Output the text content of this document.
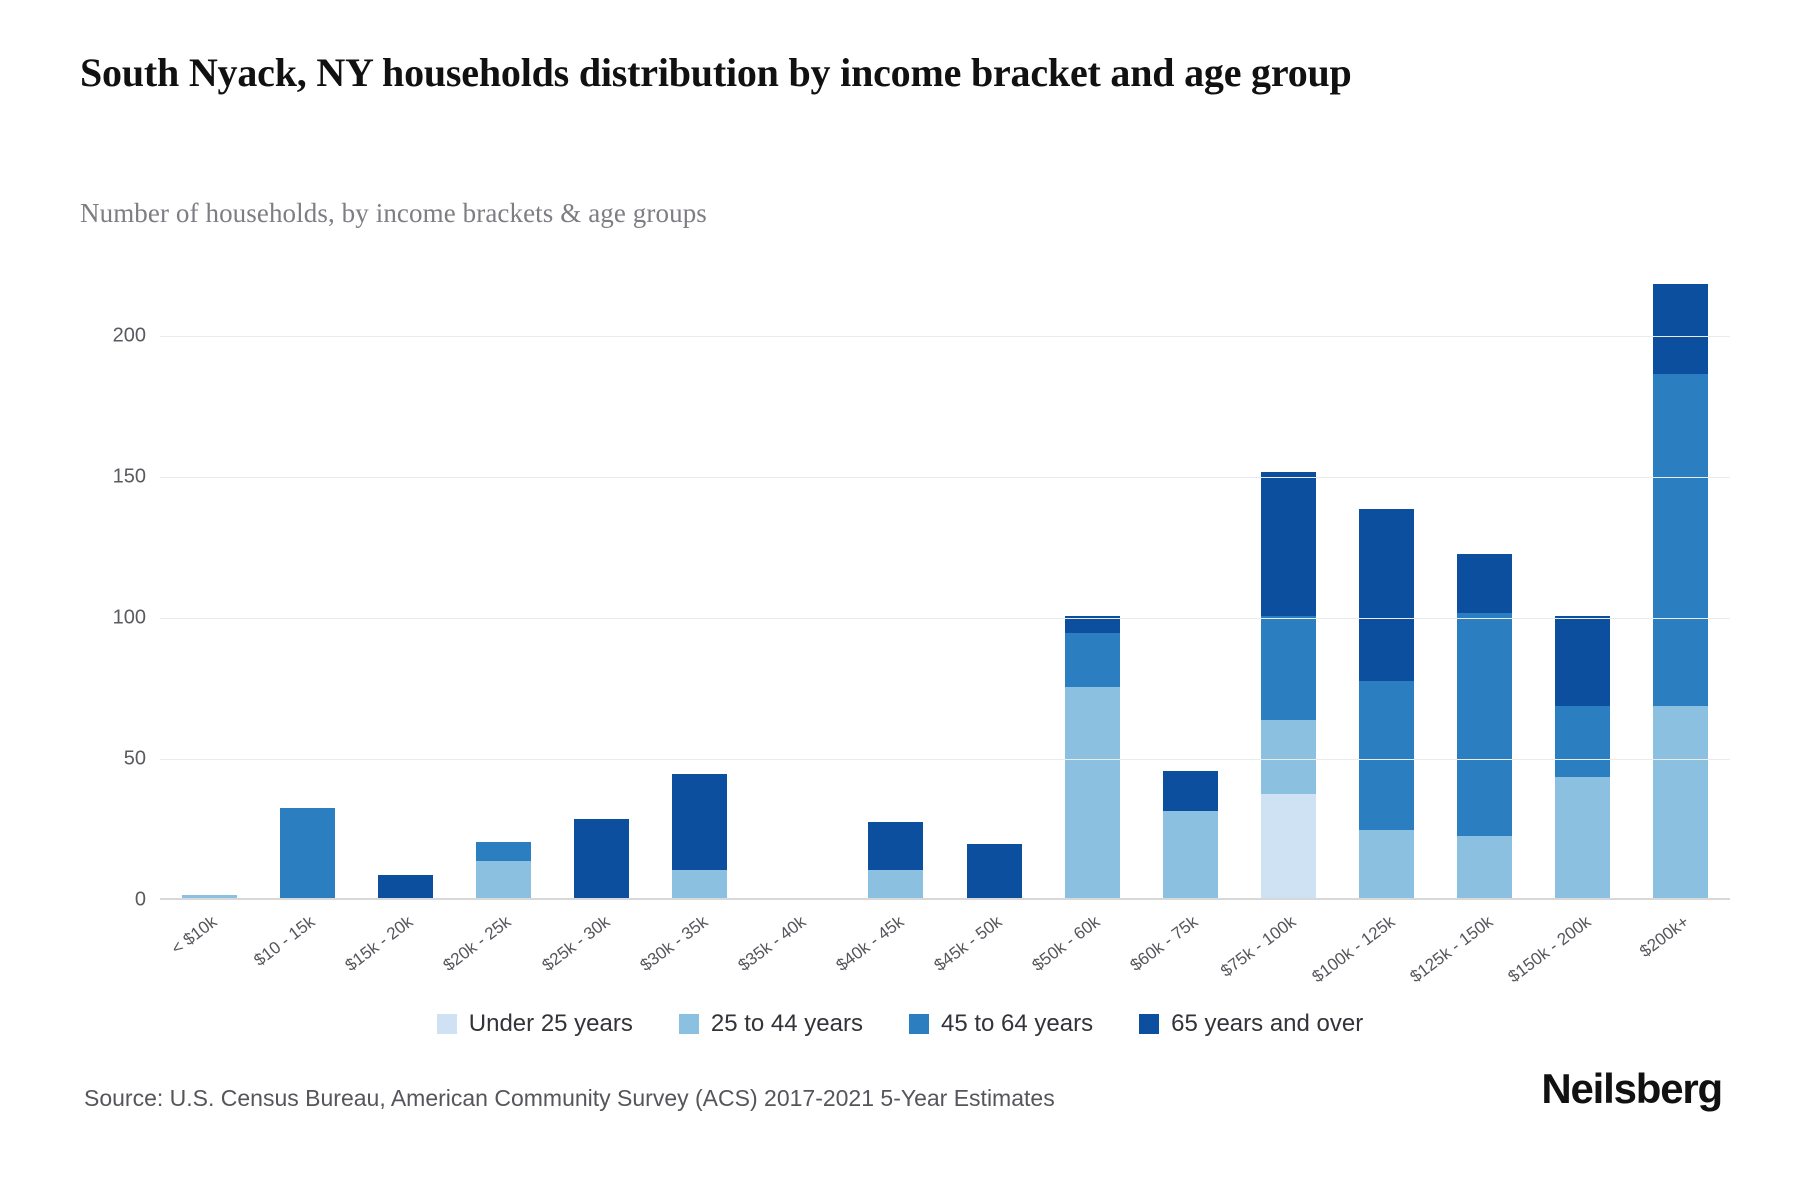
South Nyack, NY households distribution by income bracket and age group
Number of households, by income brackets & age groups
0
50
100
150
200
< $10k $10 - 15k $15k - 20k $20k - 25k $25k - 30k $30k - 35k $35k - 40k $40k - 45k $45k - 50k $50k - 60k $60k - 75k $75k - 100k $100k - 125k $125k - 150k $150k - 200k $200k+
Under 25 years	25 to 44 years	45 to 64 years	65 years and over
Source: U.S. Census Bureau, American Community Survey (ACS) 2017-2021 5-Year Estimates	Neilsberg
